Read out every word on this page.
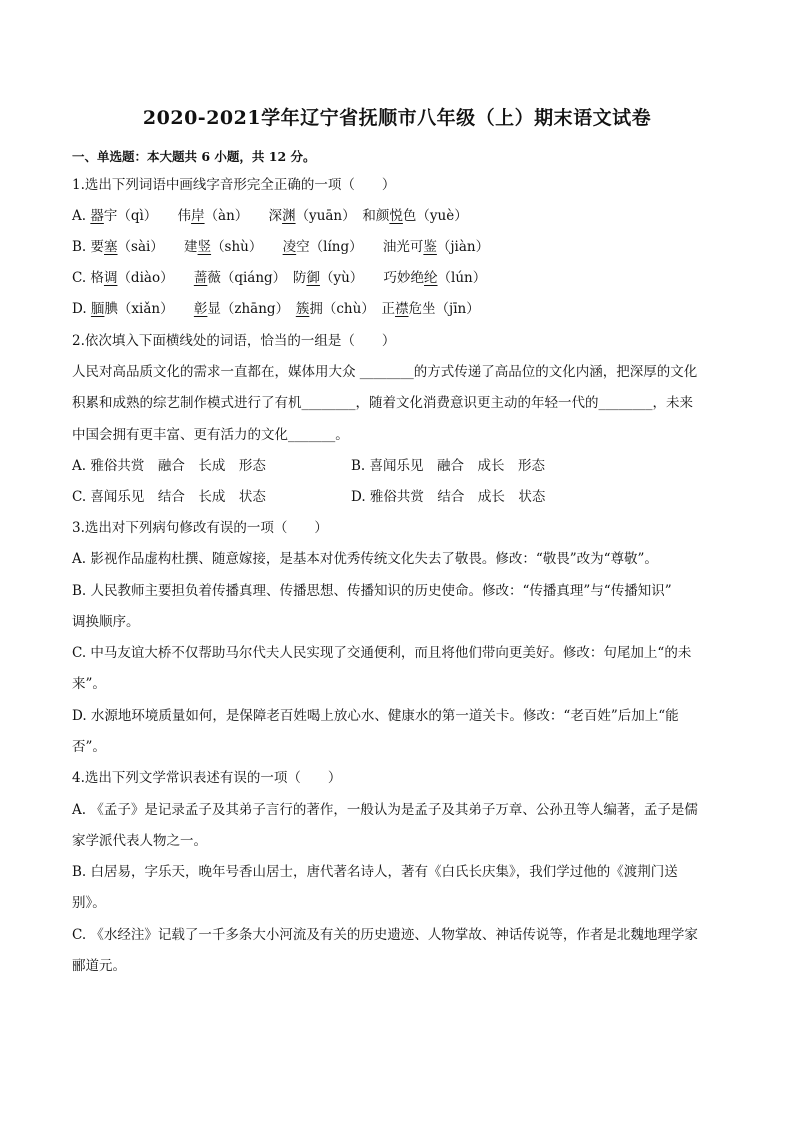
2020-2021学年辽宁省抚顺市八年级（上）期末语文试卷
一、单选题：本大题共 6 小题，共 12 分。
1.选出下列词语中画线字音形完全正确的一项（　　）
A. 器宇（qì）　　伟岸（àn）　　深渊（yuān）　和颜悦色（yuè）
B. 要塞（sài）　　建竖（shù）　　 凌空（líng）　　油光可鉴（jiàn）
C. 格调（diào）　　 蔷薇（qiáng）　防御（yù）　　巧妙绝纶（lún）
D. 腼腆（xiǎn）　　 彰显（zhāng）　 簇拥（chù）　正襟危坐（jīn）
2.依次填入下面横线处的词语，恰当的一组是（　　）
人民对高品质文化的需求一直都在，媒体用大众 ________的方式传递了高品位的文化内涵，把深厚的文化
积累和成熟的综艺制作模式进行了有机________，随着文化消费意识更主动的年轻一代的________，未来
中国会拥有更丰富、更有活力的文化_______。
A. 雅俗共赏　融合　长成　形态	B. 喜闻乐见　融合　成长　形态
C. 喜闻乐见　结合　长成　状态	D. 雅俗共赏　结合　成长　状态
3.选出对下列病句修改有误的一项（　　）
A. 影视作品虚构杜撰、随意嫁接，是基本对优秀传统文化失去了敬畏。修改：“敬畏”改为“尊敬”。
B. 人民教师主要担负着传播真理、传播思想、传播知识的历史使命。修改：“传播真理”与“传播知识”
调换顺序。
C. 中马友谊大桥不仅帮助马尔代夫人民实现了交通便利，而且将他们带向更美好。修改：句尾加上“的未
来”。
D. 水源地环境质量如何，是保障老百姓喝上放心水、健康水的第一道关卡。修改：“老百姓”后加上“能
否”。
4.选出下列文学常识表述有误的一项（　　）
A. 《孟子》是记录孟子及其弟子言行的著作，一般认为是孟子及其弟子万章、公孙丑等人编著，孟子是儒
家学派代表人物之一。
B. 白居易，字乐天，晚年号香山居士，唐代著名诗人，著有《白氏长庆集》，我们学过他的《渡荆门送
别》。
C. 《水经注》记载了一千多条大小河流及有关的历史遗迹、人物掌故、神话传说等，作者是北魏地理学家
郦道元。
